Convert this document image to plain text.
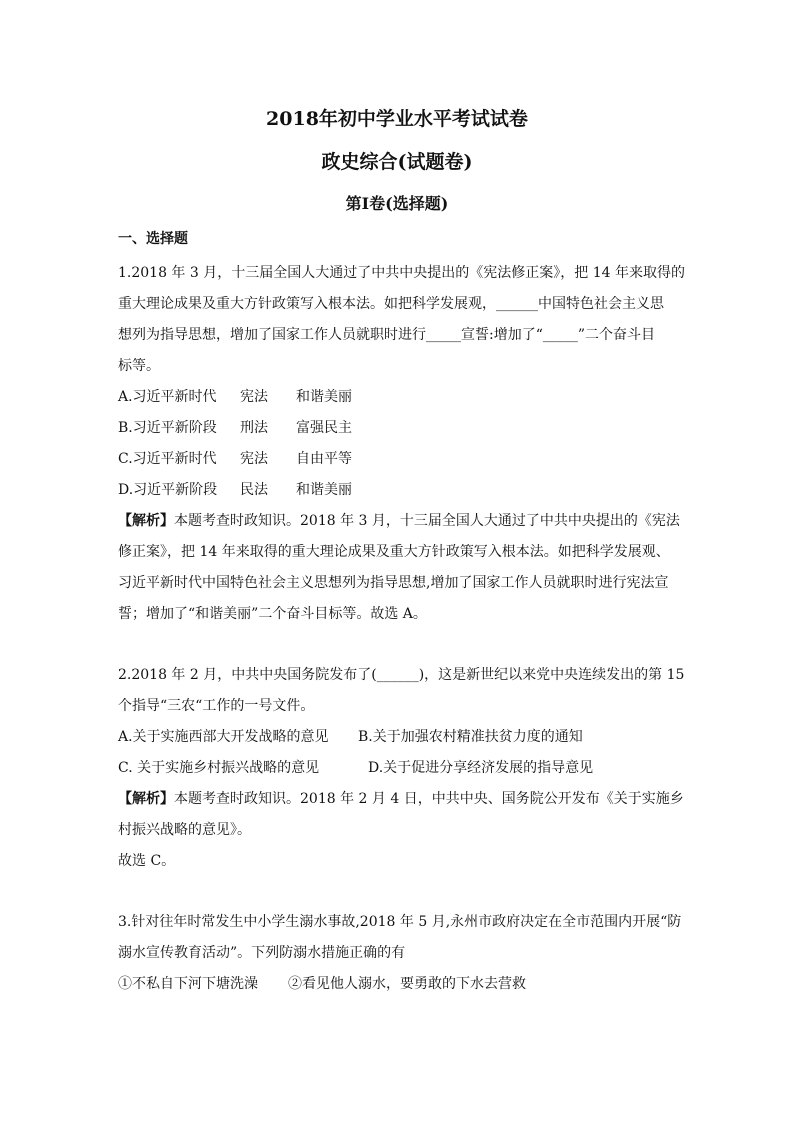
2018年初中学业水平考试试卷
政史综合(试题卷)
第Ⅰ卷(选择题)
一、选择题
1.2018 年 3 月，十三届全国人大通过了中共中央提出的《宪法修正案》，把 14 年来取得的
重大理论成果及重大方针政策写入根本法。如把科学发展观，______中国特色社会主义思
想列为指导思想，增加了国家工作人员就职时进行_____宣誓:增加了“_____”二个奋斗目
标等。
A.习近平新时代 宪法 和谐美丽
B.习近平新阶段 刑法 富强民主
C.习近平新时代 宪法 自由平等
D.习近平新阶段 民法 和谐美丽
【解析】本题考查时政知识。2018 年 3 月，十三届全国人大通过了中共中央提出的《宪法
修正案》，把 14 年来取得的重大理论成果及重大方针政策写入根本法。如把科学发展观、
习近平新时代中国特色社会主义思想列为指导思想,增加了国家工作人员就职时进行宪法宣
誓；增加了“和谐美丽”二个奋斗目标等。故选 A。
2.2018 年 2 月，中共中央国务院发布了(______)，这是新世纪以来党中央连续发出的第 15
个指导“三农“工作的一号文件。
A.关于实施西部大开发战略的意见 B.关于加强农村精准扶贫力度的通知
C. 关于实施乡村振兴战略的意见	D.关于促进分享经济发展的指导意见
【解析】本题考查时政知识。2018 年 2 月 4 日，中共中央、国务院公开发布《关于实施乡
村振兴战略的意见》。
故选 C。
3.针对往年时常发生中小学生溺水事故,2018 年 5 月,永州市政府决定在全市范围内开展“防
溺水宣传教育活动”。下列防溺水措施正确的有
①不私自下河下塘洗澡 ②看见他人溺水，要勇敢的下水去营救
